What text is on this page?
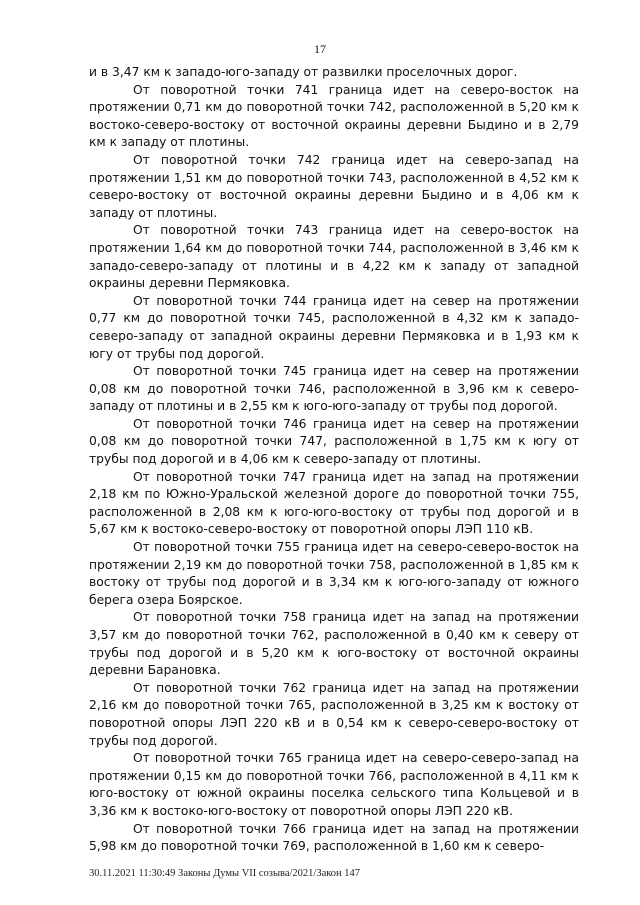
17

и в 3,47 км к западо-юго-западу от развилки проселочных дорог.

От поворотной точки 741 граница идет на северо-восток на протяжении 0,71 км до поворотной точки 742, расположенной в 5,20 км к востоко-северо-востоку от восточной окраины деревни Быдино и в 2,79 км к западу от плотины.

От поворотной точки 742 граница идет на северо-запад на протяжении 1,51 км до поворотной точки 743, расположенной в 4,52 км к северо-востоку от восточной окраины деревни Быдино и в 4,06 км к западу от плотины.

От поворотной точки 743 граница идет на северо-восток на протяжении 1,64 км до поворотной точки 744, расположенной в 3,46 км к западо-северо-западу от плотины и в 4,22 км к западу от западной окраины деревни Пермяковка.

От поворотной точки 744 граница идет на север на протяжении 0,77 км до поворотной точки 745, расположенной в 4,32 км к западо-северо-западу от западной окраины деревни Пермяковка и в 1,93 км к югу от трубы под дорогой.

От поворотной точки 745 граница идет на север на протяжении 0,08 км до поворотной точки 746, расположенной в 3,96 км к северо-западу от плотины и в 2,55 км к юго-юго-западу от трубы под дорогой.

От поворотной точки 746 граница идет на север на протяжении 0,08 км до поворотной точки 747, расположенной в 1,75 км к югу от трубы под дорогой и в 4,06 км к северо-западу от плотины.

От поворотной точки 747 граница идет на запад на протяжении 2,18 км по Южно-Уральской железной дороге до поворотной точки 755, расположенной в 2,08 км к юго-юго-востоку от трубы под дорогой и в 5,67 км к востоко-северо-востоку от поворотной опоры ЛЭП 110 кВ.

От поворотной точки 755 граница идет на северо-северо-восток на протяжении 2,19 км до поворотной точки 758, расположенной в 1,85 км к востоку от трубы под дорогой и в 3,34 км к юго-юго-западу от южного берега озера Боярское.

От поворотной точки 758 граница идет на запад на протяжении 3,57 км до поворотной точки 762, расположенной в 0,40 км к северу от трубы под дорогой и в 5,20 км к юго-востоку от восточной окраины деревни Барановка.

От поворотной точки 762 граница идет на запад на протяжении 2,16 км до поворотной точки 765, расположенной в 3,25 км к востоку от поворотной опоры ЛЭП 220 кВ и в 0,54 км к северо-северо-востоку от трубы под дорогой.

От поворотной точки 765 граница идет на северо-северо-запад на протяжении 0,15 км до поворотной точки 766, расположенной в 4,11 км к юго-востоку от южной окраины поселка сельского типа Кольцевой и в 3,36 км к востоко-юго-востоку от поворотной опоры ЛЭП 220 кВ.

От поворотной точки 766 граница идет на запад на протяжении 5,98 км до поворотной точки 769, расположенной в 1,60 км к северо-

30.11.2021 11:30:49 Законы Думы VII созыва/2021/Закон 147
